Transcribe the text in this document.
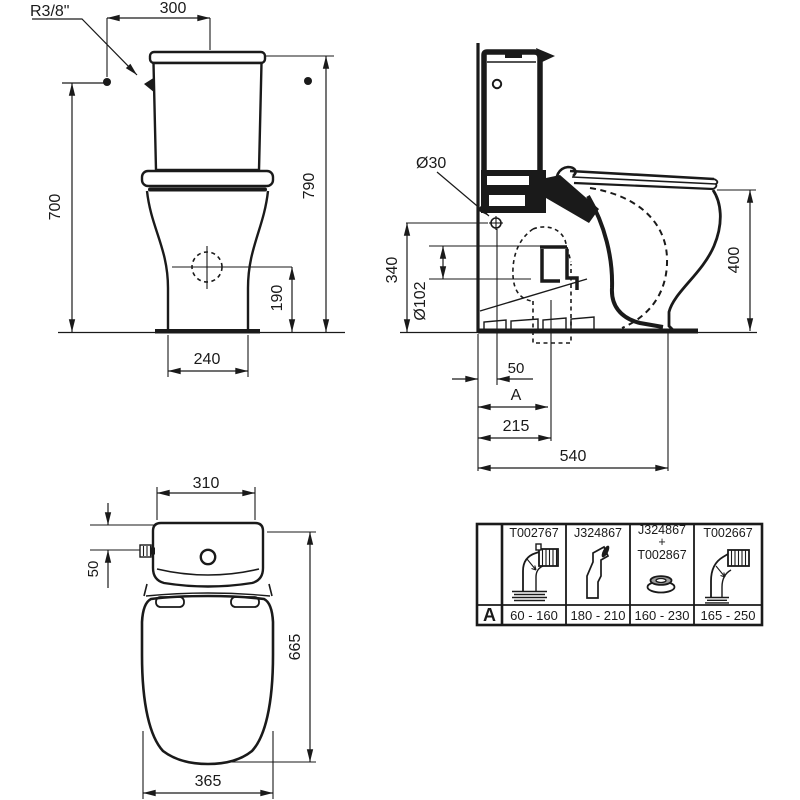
R3/8"	300
700
790
190
240
Ø30
340
Ø102
400
50
A
215
540
310
50
665
365
A
T002767 J324867 J324867
+
T002867
T002667
60 - 160 180 - 210 160 - 230 165 - 250
